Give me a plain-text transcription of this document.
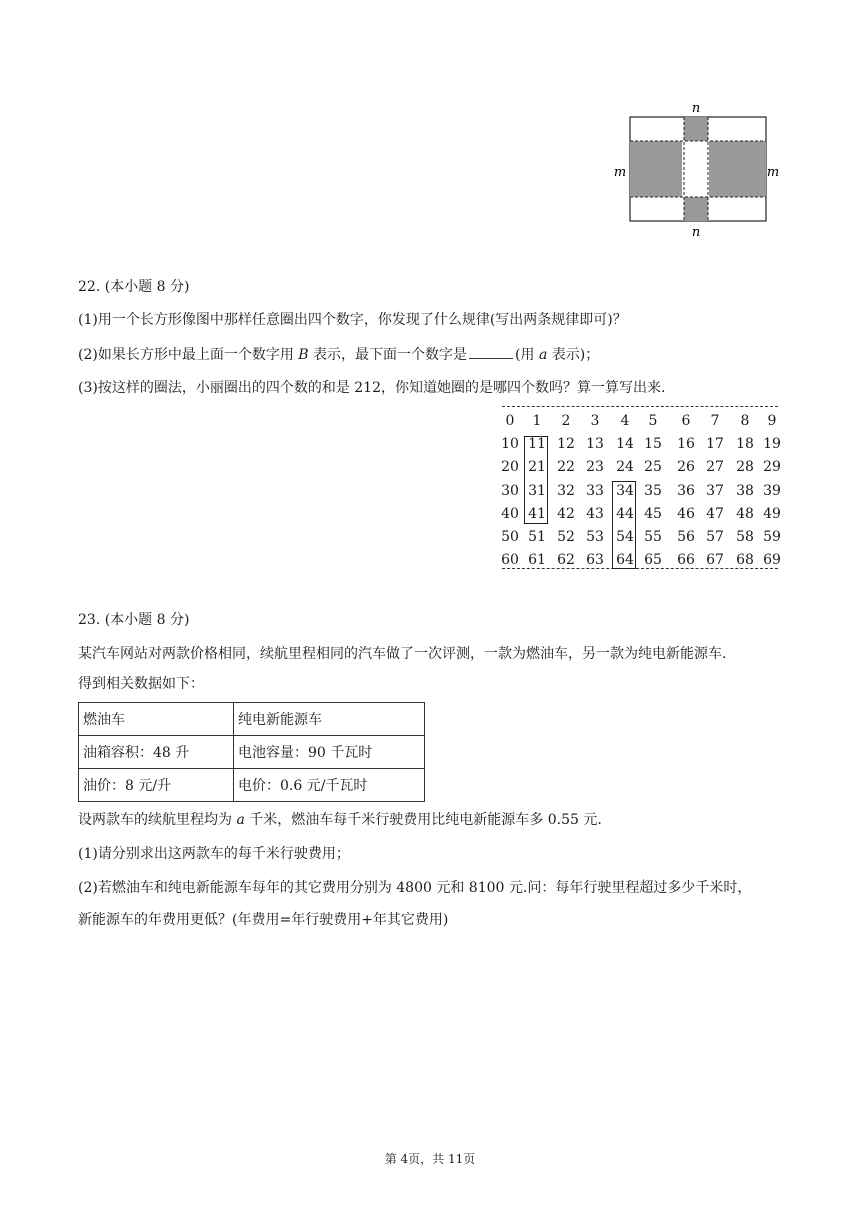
n
n
m	m
22. (本小题 8 分)
(1)用一个长方形像图中那样任意圈出四个数字，你发现了什么规律(写出两条规律即可)？
(2)如果长方形中最上面一个数字用 B 表示，最下面一个数字是	(用 a 表示)；
(3)按这样的圈法，小丽圈出的四个数的和是 212，你知道她圈的是哪四个数吗？算一算写出来.
0	1	2	3	4	5	6	7	8	9
10 11 12 13 14 15	16 17 18 19
20 21 22 23 24 25	26 27 28 29
30 31 32 33 34 35	36 37 38 39
40 41 42 43 44 45	46 47 48 49
50 51 52 53 54 55	56 57 58 59
60 61 62 63 64 65	66 67 68 69
23. (本小题 8 分)
某汽车网站对两款价格相同，续航里程相同的汽车做了一次评测，一款为燃油车，另一款为纯电新能源车.
得到相关数据如下：
燃油车	纯电新能源车
油箱容积：48 升	电池容量：90 千瓦时
油价：8 元/升	电价：0.6 元/千瓦时
设两款车的续航里程均为 a 千米，燃油车每千米行驶费用比纯电新能源车多 0.55 元.
(1)请分别求出这两款车的每千米行驶费用；
(2)若燃油车和纯电新能源车每年的其它费用分别为 4800 元和 8100 元.问：每年行驶里程超过多少千米时，
新能源车的年费用更低？(年费用=年行驶费用+年其它费用)
第 4页，共 11页
